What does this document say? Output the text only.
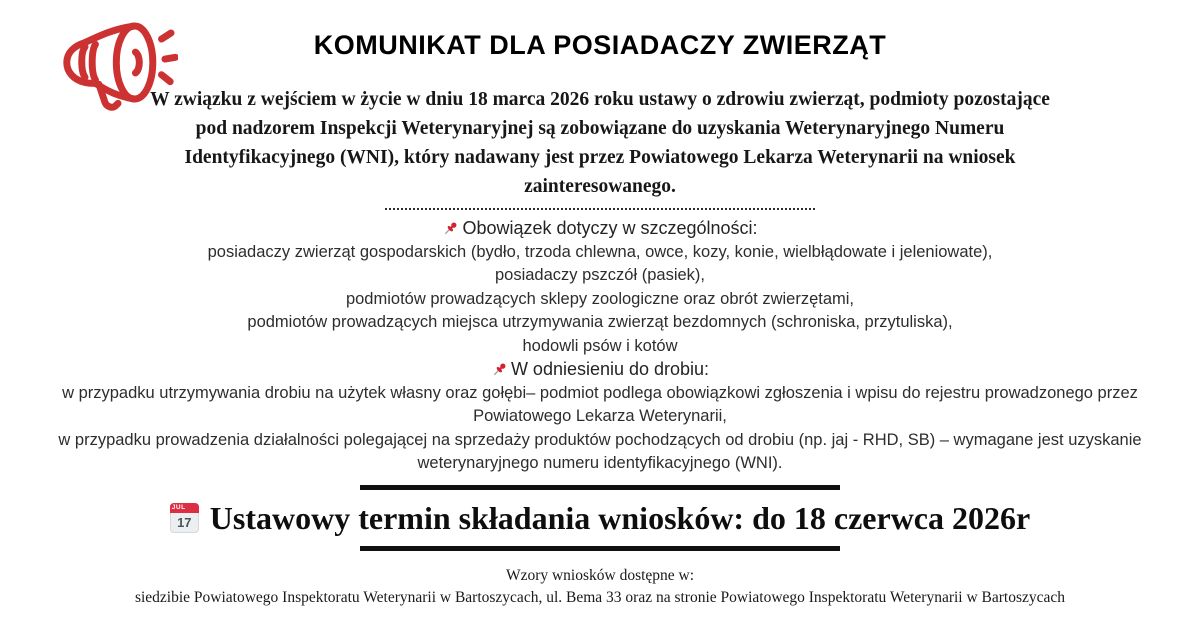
KOMUNIKAT DLA POSIADACZY ZWIERZĄT

W związku z wejściem w życie w dniu 18 marca 2026 roku ustawy o zdrowiu zwierząt, podmioty pozostające pod nadzorem Inspekcji Weterynaryjnej są zobowiązane do uzyskania Weterynaryjnego Numeru Identyfikacyjnego (WNI), który nadawany jest przez Powiatowego Lekarza Weterynarii na wniosek zainteresowanego.

Obowiązek dotyczy w szczególności:
posiadaczy zwierząt gospodarskich (bydło, trzoda chlewna, owce, kozy, konie, wielbłądowate i jeleniowate),
posiadaczy pszczół (pasiek),
podmiotów prowadzących sklepy zoologiczne oraz obrót zwierzętami,
podmiotów prowadzących miejsca utrzymywania zwierząt bezdomnych (schroniska, przytuliska),
hodowli psów i kotów
W odniesieniu do drobiu:
w przypadku utrzymywania drobiu na użytek własny oraz gołębi– podmiot podlega obowiązkowi zgłoszenia i wpisu do rejestru prowadzonego przez
Powiatowego Lekarza Weterynarii,
w przypadku prowadzenia działalności polegającej na sprzedaży produktów pochodzących od drobiu (np. jaj - RHD, SB) – wymagane jest uzyskanie
weterynaryjnego numeru identyfikacyjnego (WNI).
JUL
17 Ustawowy termin składania wniosków: do 18 czerwca 2026r
Wzory wniosków dostępne w:
siedzibie Powiatowego Inspektoratu Weterynarii w Bartoszycach, ul. Bema 33 oraz na stronie Powiatowego Inspektoratu Weterynarii w Bartoszycach
